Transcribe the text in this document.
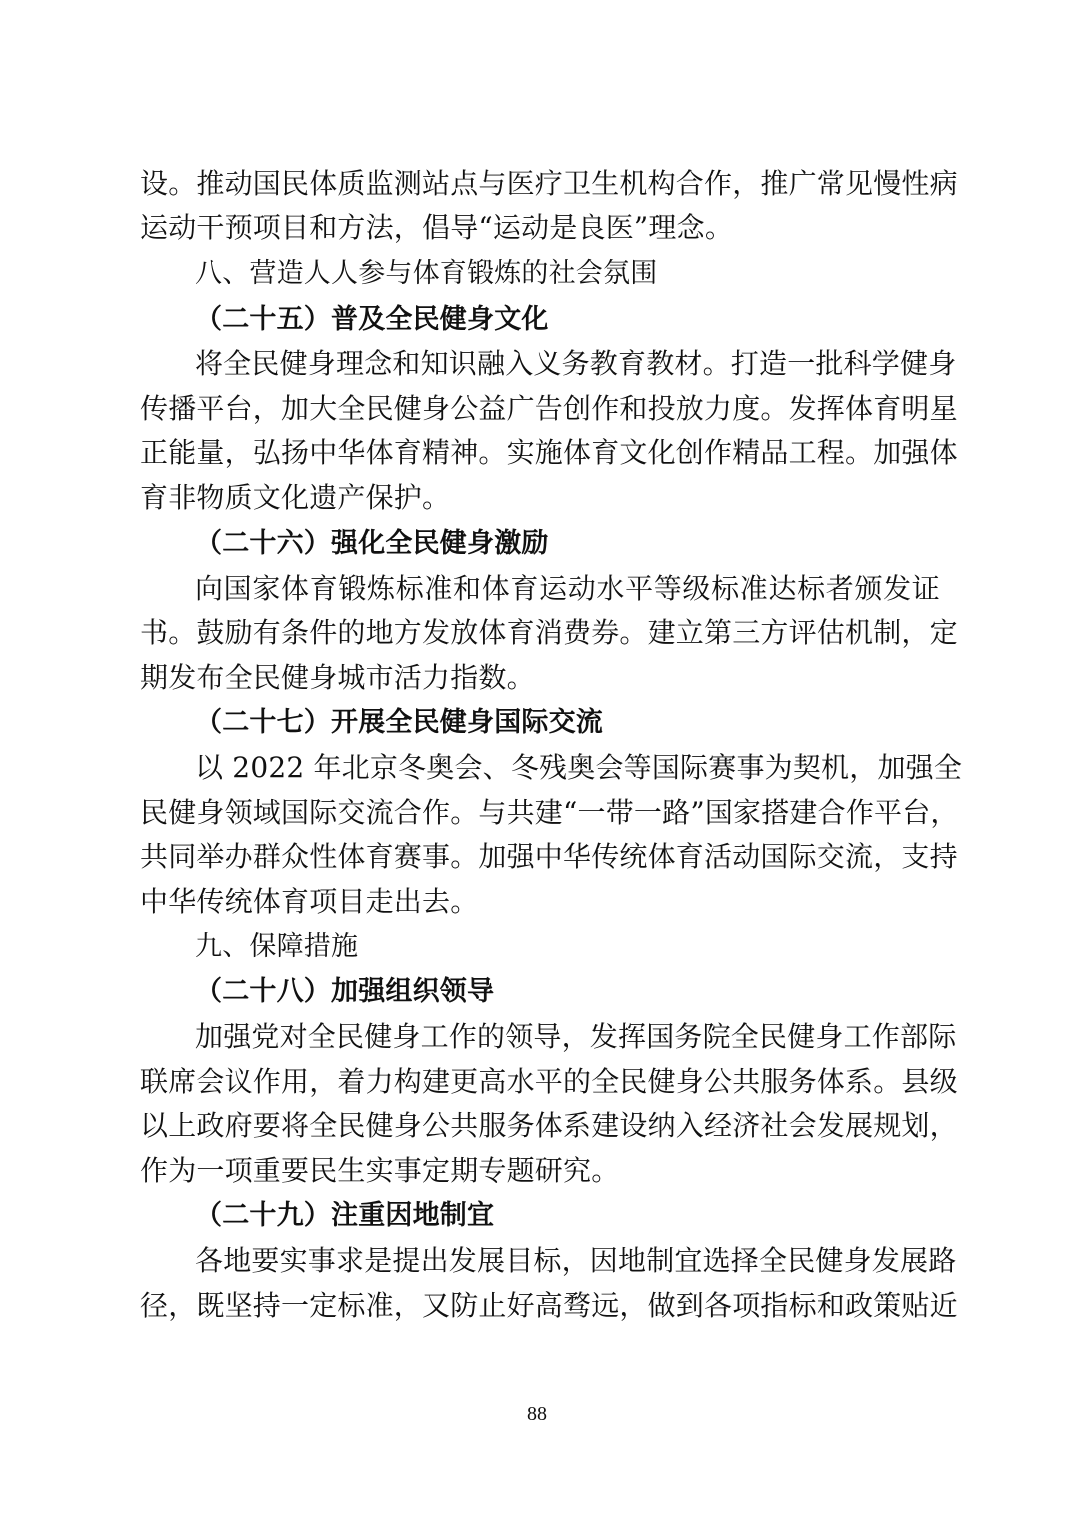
设。推动国民体质监测站点与医疗卫生机构合作，推广常见慢性病
运动干预项目和方法，倡导“运动是良医”理念。
八、营造人人参与体育锻炼的社会氛围
（二十五）普及全民健身文化
将全民健身理念和知识融入义务教育教材。打造一批科学健身
传播平台，加大全民健身公益广告创作和投放力度。发挥体育明星
正能量，弘扬中华体育精神。实施体育文化创作精品工程。加强体
育非物质文化遗产保护。
（二十六）强化全民健身激励
向国家体育锻炼标准和体育运动水平等级标准达标者颁发证
书。鼓励有条件的地方发放体育消费券。建立第三方评估机制，定
期发布全民健身城市活力指数。
（二十七）开展全民健身国际交流
以 2022 年北京冬奥会、冬残奥会等国际赛事为契机，加强全
民健身领域国际交流合作。与共建“一带一路”国家搭建合作平台，
共同举办群众性体育赛事。加强中华传统体育活动国际交流，支持
中华传统体育项目走出去。
九、保障措施
（二十八）加强组织领导
加强党对全民健身工作的领导，发挥国务院全民健身工作部际
联席会议作用，着力构建更高水平的全民健身公共服务体系。县级
以上政府要将全民健身公共服务体系建设纳入经济社会发展规划，
作为一项重要民生实事定期专题研究。
（二十九）注重因地制宜
各地要实事求是提出发展目标，因地制宜选择全民健身发展路
径，既坚持一定标准，又防止好高骛远，做到各项指标和政策贴近
88
